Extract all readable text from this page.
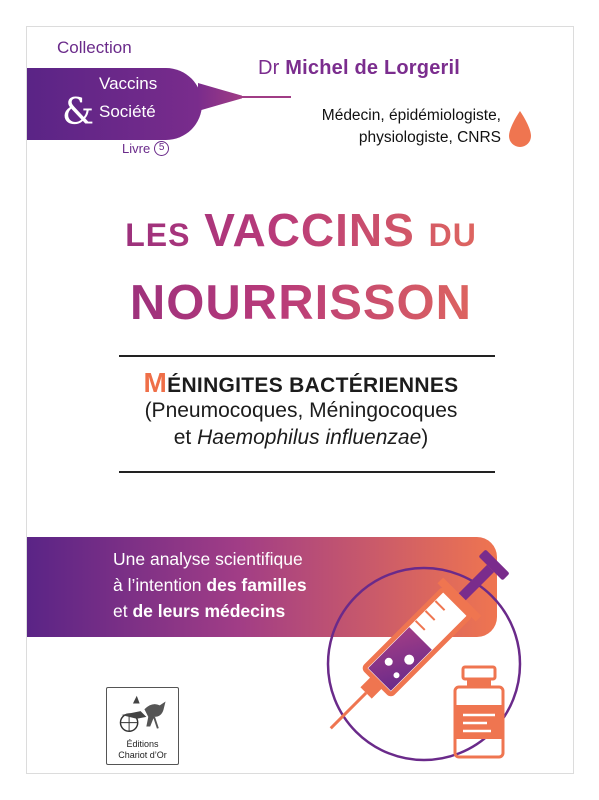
Collection
Vaccins
& Société
Livre 5
Dr Michel de Lorgeril
Médecin, épidémiologiste,
physiologiste, CNRS
LES VACCINS DU
NOURRISSON
MÉNINGITES BACTÉRIENNES
(Pneumocoques, Méningocoques
et Haemophilus influenzae)
Une analyse scientifique
à l’intention des familles
et de leurs médecins
Éditions
Chariot d’Or
